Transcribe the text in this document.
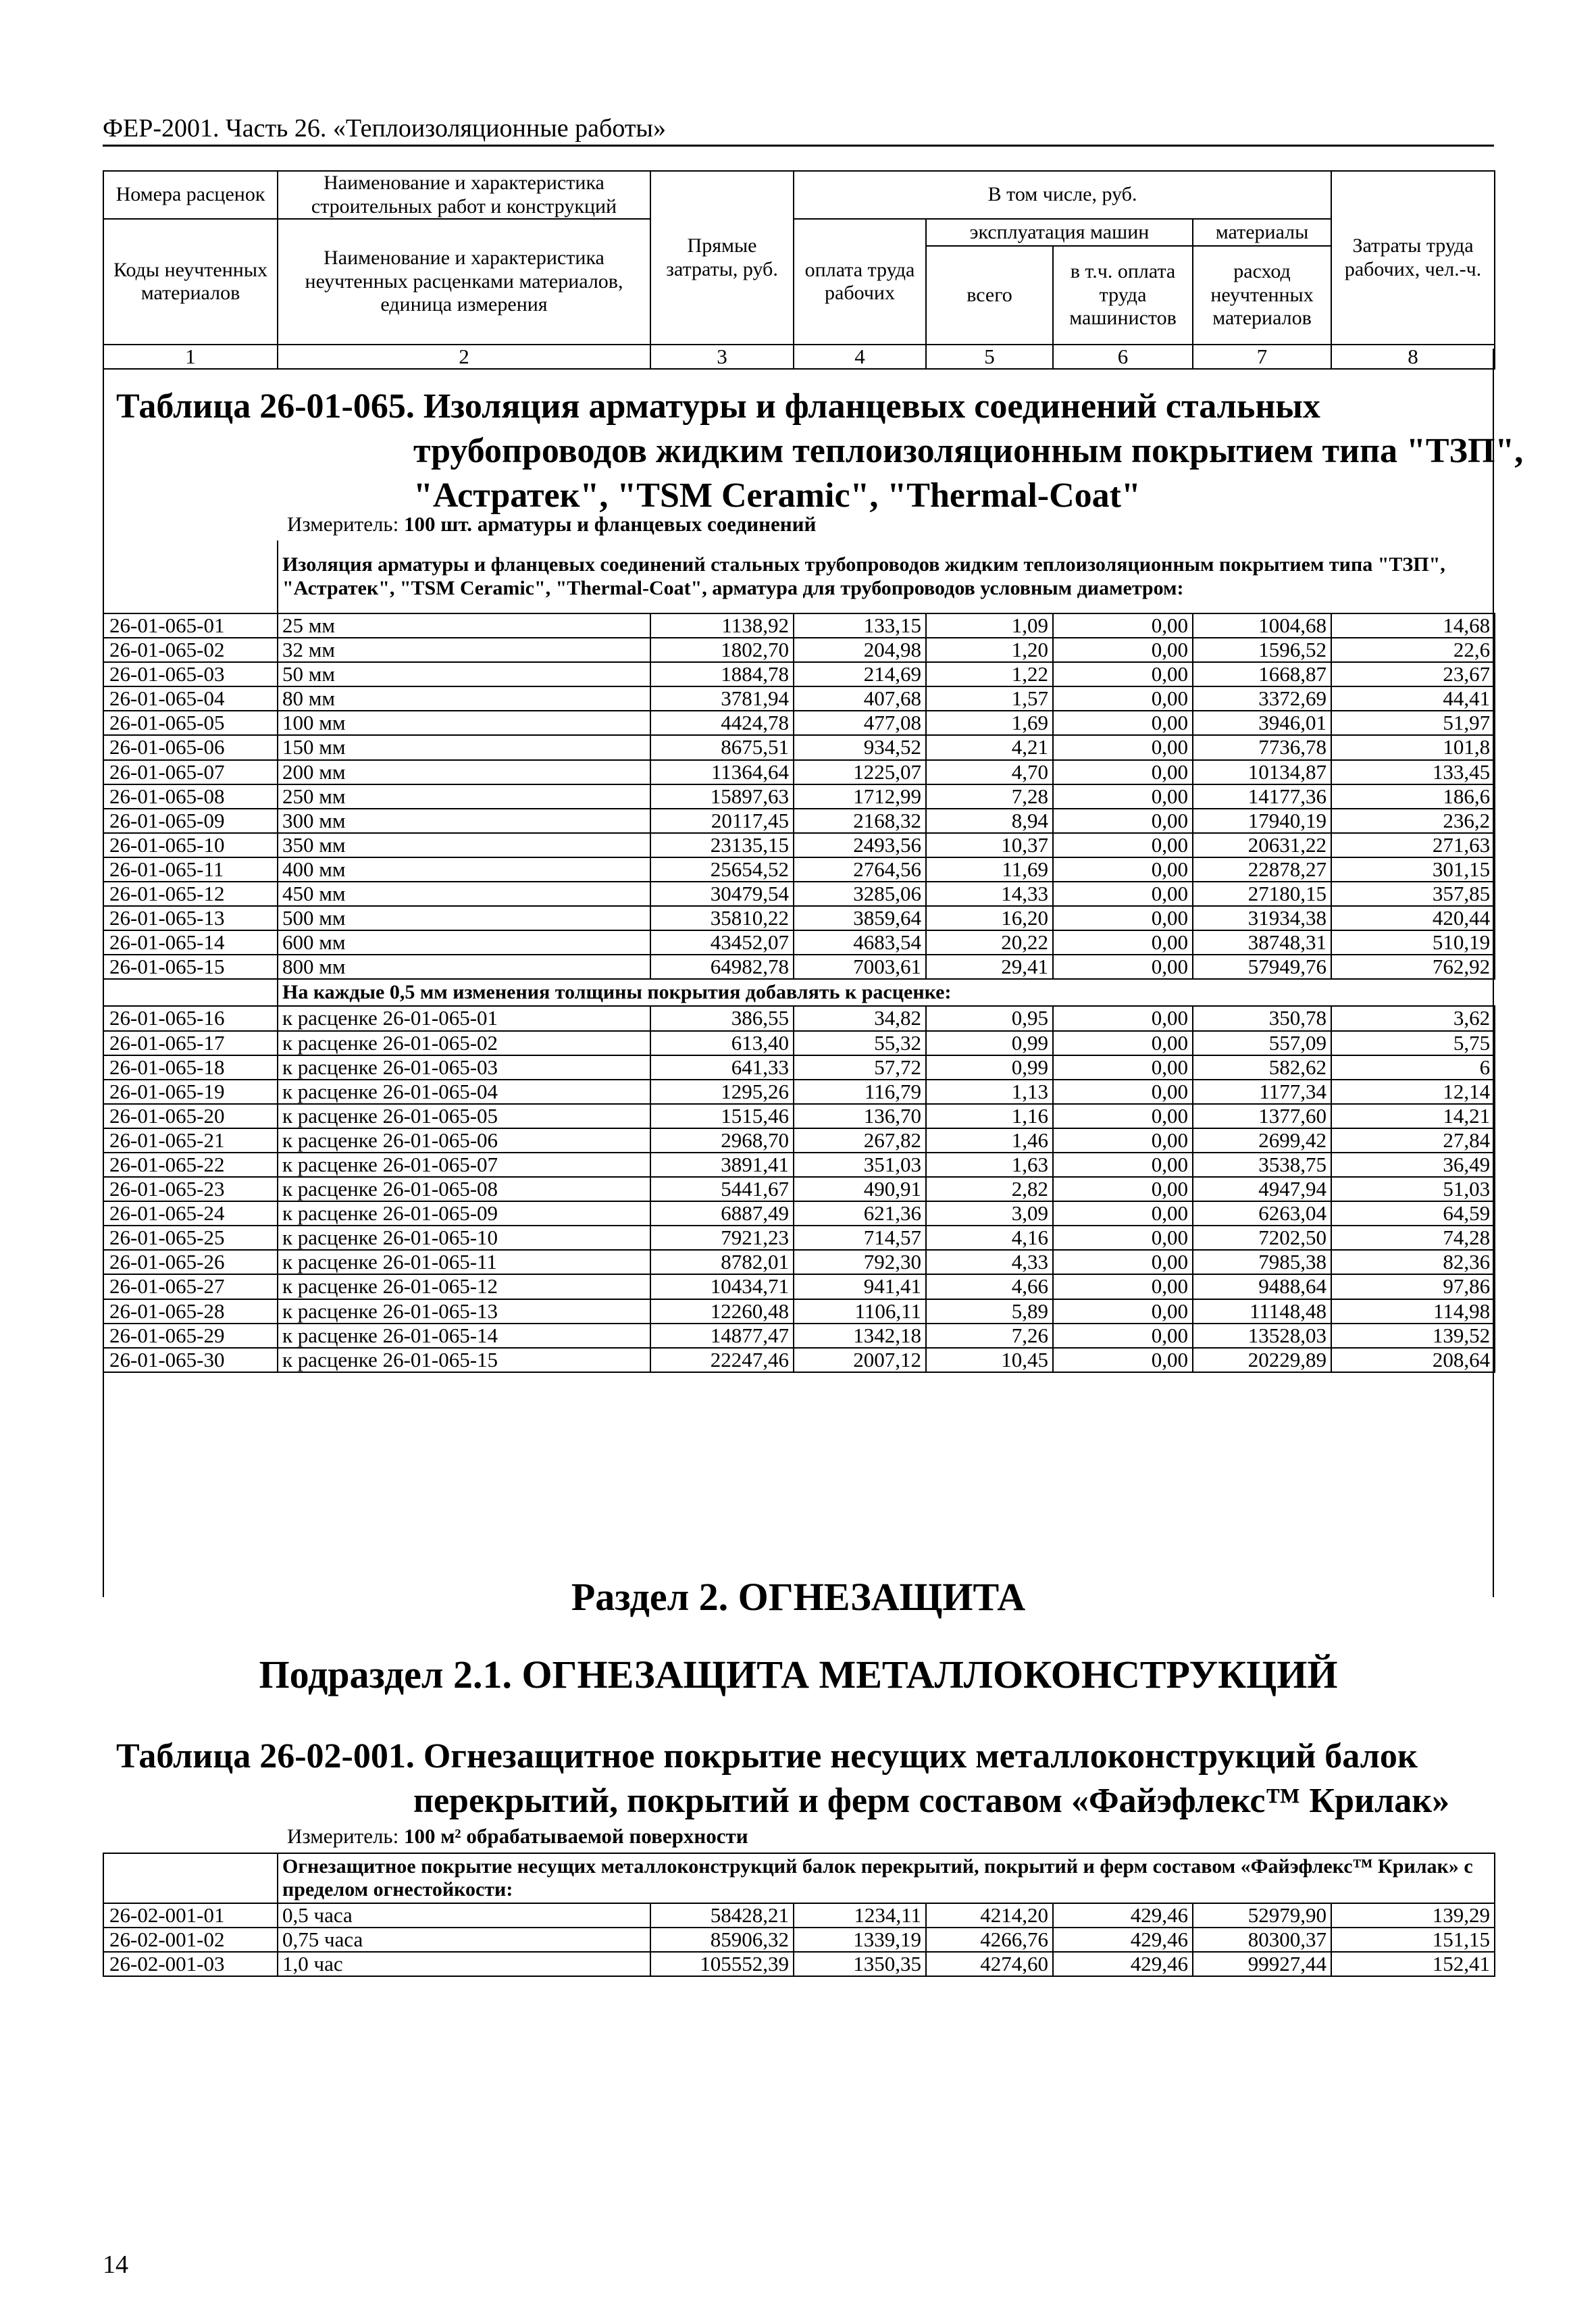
ФЕР-2001. Часть 26. «Теплоизоляционные работы»
Номера расценок	Наименование и характеристика строительных работ и конструкций	Прямые затраты, руб.	В том числе, руб.				Затраты труда рабочих, чел.-ч.
Коды неучтенных материалов	Наименование и характеристика неучтенных расценками материалов, единица измерения		оплата труда рабочих	эксплуатация машин		материалы	
				всего	в т.ч. оплата труда машинистов	расход неучтенных материалов	
1	2	3	4	5	6	7	8
Таблица 26-01-065. Изоляция арматуры и фланцевых соединений стальных
трубопроводов жидким теплоизоляционным покрытием типа "ТЗП",
"Астратек", "TSM Ceramic", "Thermal-Coat"
Измеритель: 100 шт. арматуры и фланцевых соединений
	Изоляция арматуры и фланцевых соединений стальных трубопроводов жидким теплоизоляционным покрытием типа "ТЗП", "Астратек", "TSM Ceramic", "Thermal-Coat", арматура для трубопроводов условным диаметром:						
26-01-065-01	25 мм	1138,92	133,15	1,09	0,00	1004,68	14,68
26-01-065-02	32 мм	1802,70	204,98	1,20	0,00	1596,52	22,6
26-01-065-03	50 мм	1884,78	214,69	1,22	0,00	1668,87	23,67
26-01-065-04	80 мм	3781,94	407,68	1,57	0,00	3372,69	44,41
26-01-065-05	100 мм	4424,78	477,08	1,69	0,00	3946,01	51,97
26-01-065-06	150 мм	8675,51	934,52	4,21	0,00	7736,78	101,8
26-01-065-07	200 мм	11364,64	1225,07	4,70	0,00	10134,87	133,45
26-01-065-08	250 мм	15897,63	1712,99	7,28	0,00	14177,36	186,6
26-01-065-09	300 мм	20117,45	2168,32	8,94	0,00	17940,19	236,2
26-01-065-10	350 мм	23135,15	2493,56	10,37	0,00	20631,22	271,63
26-01-065-11	400 мм	25654,52	2764,56	11,69	0,00	22878,27	301,15
26-01-065-12	450 мм	30479,54	3285,06	14,33	0,00	27180,15	357,85
26-01-065-13	500 мм	35810,22	3859,64	16,20	0,00	31934,38	420,44
26-01-065-14	600 мм	43452,07	4683,54	20,22	0,00	38748,31	510,19
26-01-065-15	800 мм	64982,78	7003,61	29,41	0,00	57949,76	762,92
	На каждые 0,5 мм изменения толщины покрытия добавлять к расценке:						
26-01-065-16	к расценке 26-01-065-01	386,55	34,82	0,95	0,00	350,78	3,62
26-01-065-17	к расценке 26-01-065-02	613,40	55,32	0,99	0,00	557,09	5,75
26-01-065-18	к расценке 26-01-065-03	641,33	57,72	0,99	0,00	582,62	6
26-01-065-19	к расценке 26-01-065-04	1295,26	116,79	1,13	0,00	1177,34	12,14
26-01-065-20	к расценке 26-01-065-05	1515,46	136,70	1,16	0,00	1377,60	14,21
26-01-065-21	к расценке 26-01-065-06	2968,70	267,82	1,46	0,00	2699,42	27,84
26-01-065-22	к расценке 26-01-065-07	3891,41	351,03	1,63	0,00	3538,75	36,49
26-01-065-23	к расценке 26-01-065-08	5441,67	490,91	2,82	0,00	4947,94	51,03
26-01-065-24	к расценке 26-01-065-09	6887,49	621,36	3,09	0,00	6263,04	64,59
26-01-065-25	к расценке 26-01-065-10	7921,23	714,57	4,16	0,00	7202,50	74,28
26-01-065-26	к расценке 26-01-065-11	8782,01	792,30	4,33	0,00	7985,38	82,36
26-01-065-27	к расценке 26-01-065-12	10434,71	941,41	4,66	0,00	9488,64	97,86
26-01-065-28	к расценке 26-01-065-13	12260,48	1106,11	5,89	0,00	11148,48	114,98
26-01-065-29	к расценке 26-01-065-14	14877,47	1342,18	7,26	0,00	13528,03	139,52
26-01-065-30	к расценке 26-01-065-15	22247,46	2007,12	10,45	0,00	20229,89	208,64
Раздел 2. ОГНЕЗАЩИТА
Подраздел 2.1. ОГНЕЗАЩИТА МЕТАЛЛОКОНСТРУКЦИЙ
Таблица 26-02-001. Огнезащитное покрытие несущих металлоконструкций балок
перекрытий, покрытий и ферм составом «Файэфлекс™ Крилак»
Измеритель: 100 м² обрабатываемой поверхности
	Огнезащитное покрытие несущих металлоконструкций балок перекрытий, покрытий и ферм составом «Файэфлекс™ Крилак» с пределом огнестойкости:						
26-02-001-01	0,5 часа	58428,21	1234,11	4214,20	429,46	52979,90	139,29
26-02-001-02	0,75 часа	85906,32	1339,19	4266,76	429,46	80300,37	151,15
26-02-001-03	1,0 час	105552,39	1350,35	4274,60	429,46	99927,44	152,41
14
